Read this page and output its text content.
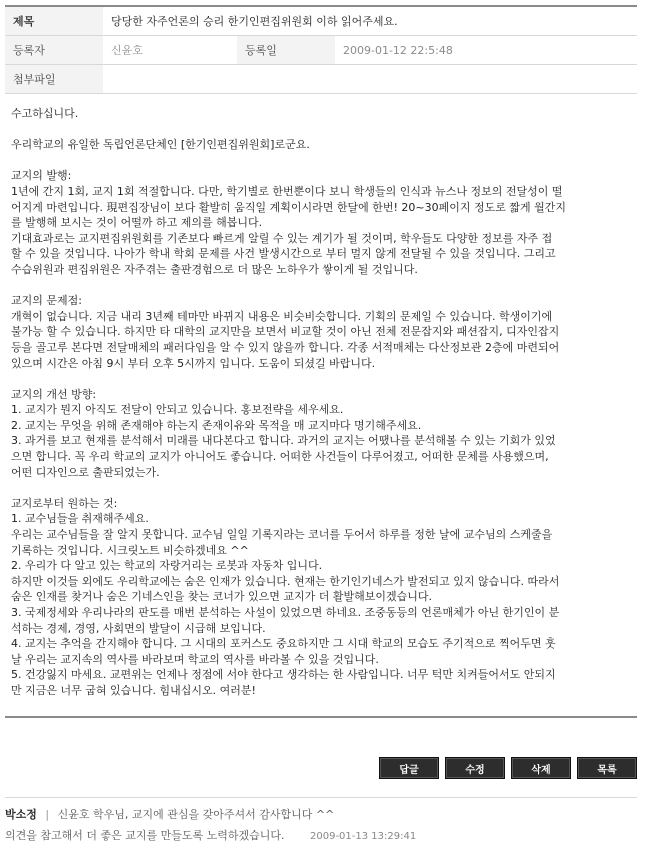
제목	당당한 자주언론의 승리 한기인편집위원회 이하 읽어주세요.		
등록자	신윤호	등록일	2009-01-12 22:5:48
첨부파일			

수고하십니다.

우리학교의 유일한 독립언론단체인 [한기인편집위원회]로군요.

교지의 발행:
1년에 간지 1회, 교지 1회 적절합니다. 다만, 학기별로 한번뿐이다 보니 학생들의 인식과 뉴스나 정보의 전달성이 떨
어지게 마련입니다. 現편집장님이 보다 활발히 움직일 계획이시라면 한달에 한번! 20~30페이지 정도로 짧게 월간지
를 발행해 보시는 것이 어떨까 하고 제의를 해봅니다.
기대효과로는 교지편집위원회를 기존보다 빠르게 알릴 수 있는 계기가 될 것이며, 학우들도 다양한 정보를 자주 접
할 수 있을 것입니다. 나아가 학내 학회 문제를 사건 발생시간으로 부터 멀지 않게 전달될 수 있을 것입니다. 그리고
수습위원과 편집위원은 자주겪는 출판경험으로 더 많은 노하우가 쌓이게 될 것입니다.

교지의 문제점:
개혁이 없습니다. 지금 내리 3년째 테마만 바뀌지 내용은 비슷비슷합니다. 기획의 문제일 수 있습니다. 학생이기에
불가능 할 수 있습니다. 하지만 타 대학의 교지만을 보면서 비교할 것이 아닌 전체 전문잡지와 패션잡지, 디자인잡지
등을 골고루 본다면 전달매체의 패러다임을 알 수 있지 않을까 합니다. 각종 서적매체는 다산정보관 2층에 마련되어
있으며 시간은 아침 9시 부터 오후 5시까지 입니다. 도움이 되셨길 바랍니다.

교지의 개선 방향:
1. 교지가 뭔지 아직도 전달이 안되고 있습니다. 홍보전략을 세우세요.
2. 교지는 무엇을 위해 존재해야 하는지 존재이유와 목적을 매 교지마다 명기해주세요.
3. 과거를 보고 현재를 분석해서 미래를 내다본다고 합니다. 과거의 교지는 어땠나를 분석해볼 수 있는 기회가 있었
으면 합니다. 꼭 우리 학교의 교지가 아니어도 좋습니다. 어떠한 사건들이 다루어졌고, 어떠한 문체를 사용했으며,
어떤 디자인으로 출판되었는가.

교지로부터 원하는 것:
1. 교수님들을 취재해주세요.
우리는 교수님들을 잘 알지 못합니다. 교수님 일일 기록지라는 코너를 두어서 하루를 정한 날에 교수님의 스케줄을
기록하는 것입니다. 시크릿노트 비슷하겠네요 ^^
2. 우리가 다 알고 있는 학교의 자랑거리는 로봇과 자동차 입니다.
하지만 이것들 외에도 우리학교에는 숨은 인재가 있습니다. 현재는 한기인기네스가 발전되고 있지 않습니다. 따라서
숨은 인재를 찾거나 숨은 기네스인을 찾는 코너가 있으면 교지가 더 활발해보이겠습니다.
3. 국제정세와 우리나라의 판도를 매번 분석하는 사설이 있었으면 하네요. 조중동등의 언론매체가 아닌 한기인이 분
석하는 경제, 경영, 사회면의 발달이 시급해 보입니다.
4. 교지는 추억을 간지해야 합니다. 그 시대의 포커스도 중요하지만 그 시대 학교의 모습도 주기적으로 찍어두면 훗
날 우리는 교지속의 역사를 바라보며 학교의 역사를 바라볼 수 있을 것입니다.
5. 건강잃지 마세요. 교편위는 언제나 정점에 서야 한다고 생각하는 한 사람입니다. 너무 턱만 치켜들어서도 안되지
만 지금은 너무 굽혀 있습니다. 힘내십시오. 여러분!

답글	수정	삭제	목록
박소정 | 신윤호 학우님, 교지에 관심을 갖아주셔서 감사합니다 ^^
의견을 참고해서 더 좋은 교지를 만들도록 노력하겠습니다.	2009-01-13 13:29:41
